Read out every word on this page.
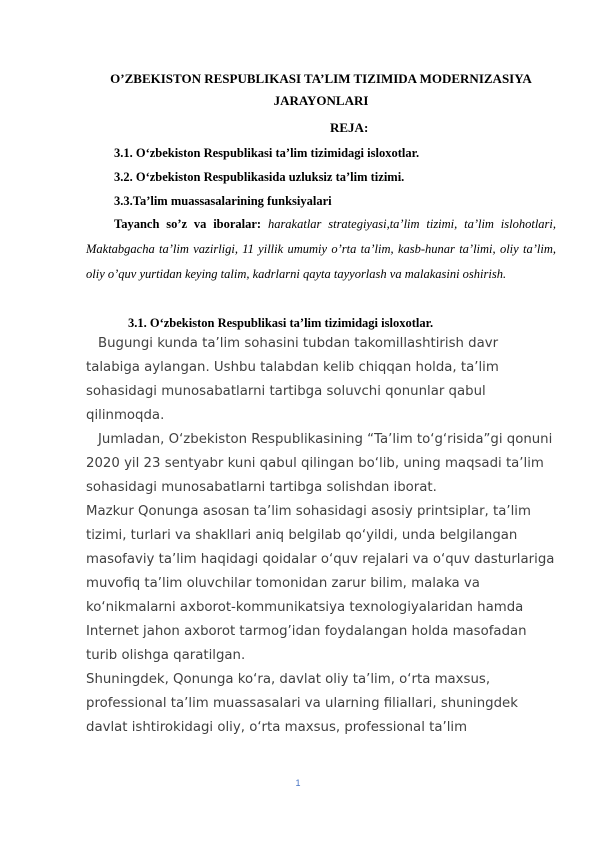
O’ZBEKISTON RESPUBLIKASI TA’LIM TIZIMIDA MODERNIZASIYA JARAYONLARI
REJA:
3.1. O‘zbekiston Respublikasi ta’lim tizimidagi isloxotlar.
3.2. O‘zbekiston Respublikasida uzluksiz ta’lim tizimi.
3.3.Ta’lim muassasalarining funksiyalari
Tayanch so’z va iboralar: harakatlar strategiyasi,ta’lim tizimi, ta’lim islohotlari, Maktabgacha ta’lim vazirligi, 11 yillik umumiy o’rta ta’lim, kasb-hunar ta’limi, oliy ta’lim, oliy o’quv yurtidan keying talim, kadrlarni qayta tayyorlash va malakasini oshirish.
3.1. O‘zbekiston Respublikasi ta’lim tizimidagi isloxotlar.

Bugungi kunda ta’lim sohasini tubdan takomillashtirish davr talabiga aylangan. Ushbu talabdan kelib chiqqan holda, ta’lim sohasidagi munosabatlarni tartibga soluvchi qonunlar qabul qilinmoqda.

Jumladan, O‘zbekiston Respublikasining “Ta’lim to‘g‘risida”gi qonuni 2020 yil 23 sentyabr kuni qabul qilingan bo‘lib, uning maqsadi ta’lim sohasidagi munosabatlarni tartibga solishdan iborat.

Mazkur Qonunga asosan ta’lim sohasidagi asosiy printsiplar, ta’lim tizimi, turlari va shakllari aniq belgilab qo‘yildi, unda belgilangan masofaviy ta’lim haqidagi qoidalar o‘quv rejalari va o‘quv dasturlariga muvofiq ta’lim oluvchilar tomonidan zarur bilim, malaka va ko‘nikmalarni axborot-kommunikatsiya texnologiyalaridan hamda Internet jahon axborot tarmog’idan foydalangan holda masofadan turib olishga qaratilgan.

Shuningdek, Qonunga ko‘ra, davlat oliy ta’lim, o‘rta maxsus, professional ta’lim muassasalari va ularning filiallari, shuningdek davlat ishtirokidagi oliy, o‘rta maxsus, professional ta’lim

1
